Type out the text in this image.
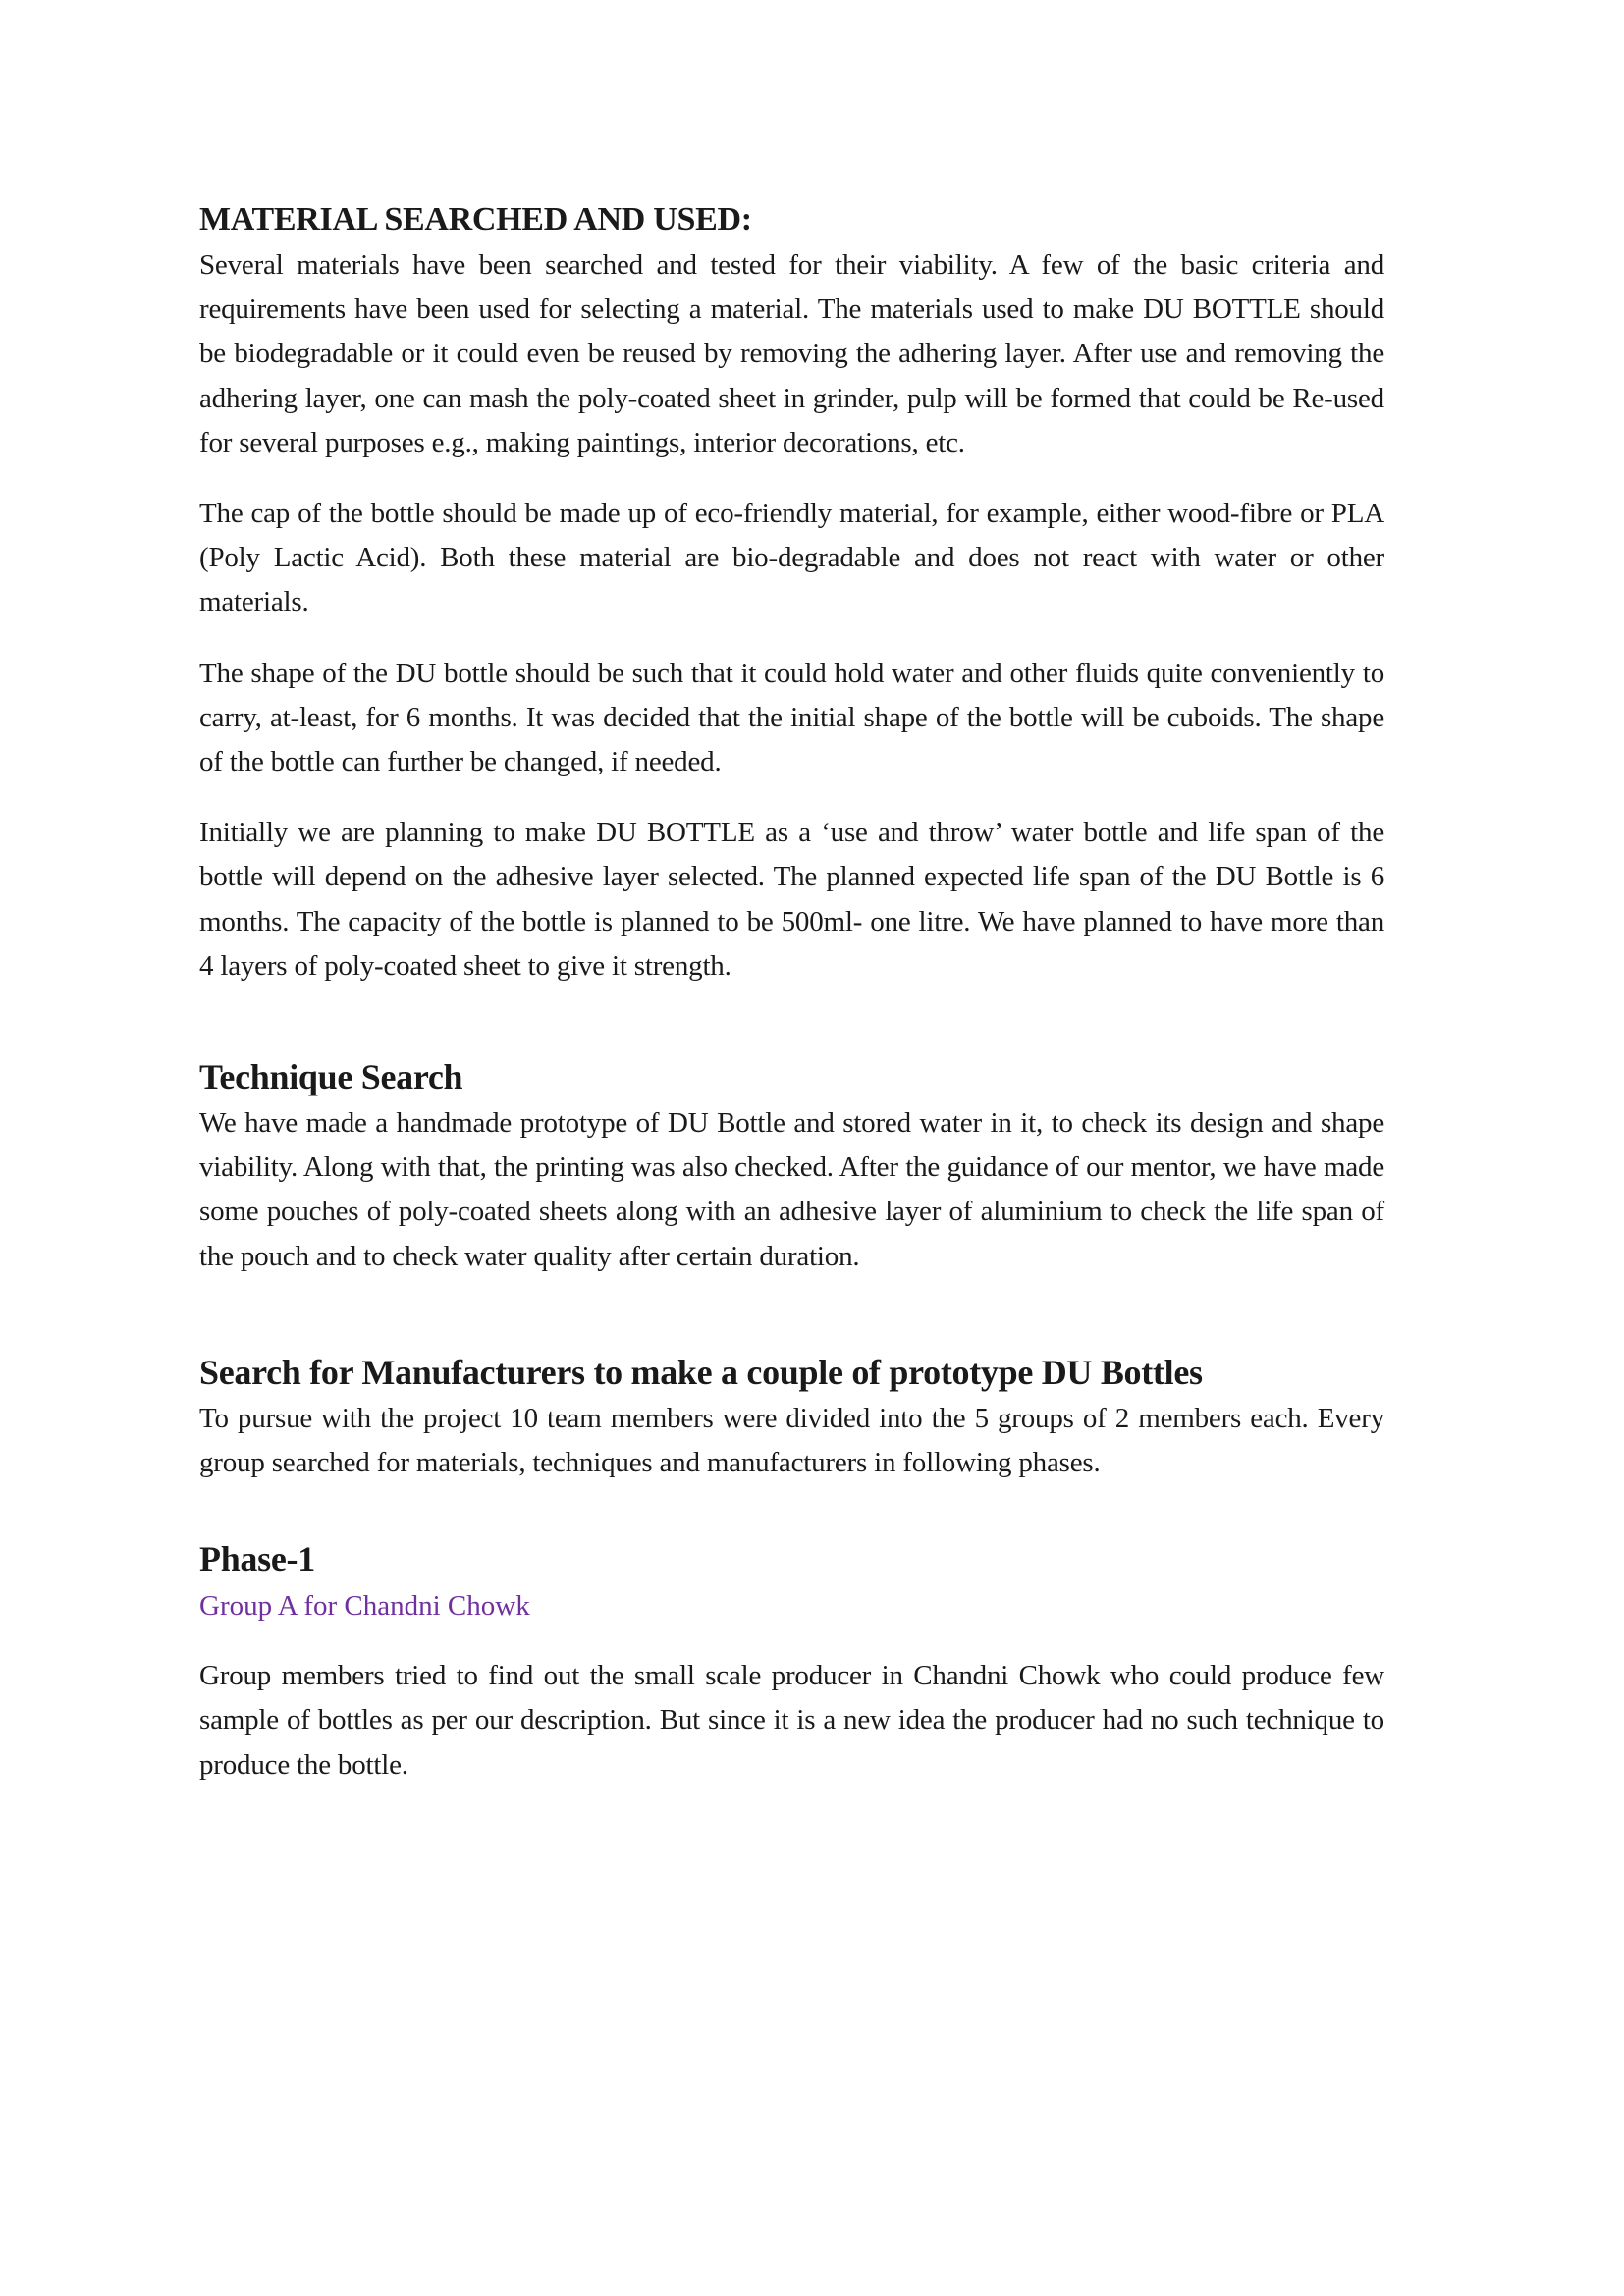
MATERIAL SEARCHED AND USED:

Several materials have been searched and tested for their viability. A few of the basic criteria and requirements have been used for selecting a material. The materials used to make DU BOTTLE should be biodegradable or it could even be reused by removing the adhering layer. After use and removing the adhering layer, one can mash the poly-coated sheet in grinder, pulp will be formed that could be Re-used for several purposes e.g., making paintings, interior decorations, etc.

The cap of the bottle should be made up of eco-friendly material, for example, either wood-fibre or PLA (Poly Lactic Acid). Both these material are bio-degradable and does not react with water or other materials.

The shape of the DU bottle should be such that it could hold water and other fluids quite conveniently to carry, at-least, for 6 months. It was decided that the initial shape of the bottle will be cuboids. The shape of the bottle can further be changed, if needed.

Initially we are planning to make DU BOTTLE as a ‘use and throw’ water bottle and life span of the bottle will depend on the adhesive layer selected. The planned expected life span of the DU Bottle is 6 months. The capacity of the bottle is planned to be 500ml- one litre. We have planned to have more than 4 layers of poly-coated sheet to give it strength.

Technique Search

We have made a handmade prototype of DU Bottle and stored water in it, to check its design and shape viability. Along with that, the printing was also checked. After the guidance of our mentor, we have made some pouches of poly-coated sheets along with an adhesive layer of aluminium to check the life span of the pouch and to check water quality after certain duration.

Search for Manufacturers to make a couple of prototype DU Bottles

To pursue with the project 10 team members were divided into the 5 groups of 2 members each. Every group searched for materials, techniques and manufacturers in following phases.

Phase-1

Group A for Chandni Chowk

Group members tried to find out the small scale producer in Chandni Chowk who could produce few sample of bottles as per our description. But since it is a new idea the producer had no such technique to produce the bottle.
